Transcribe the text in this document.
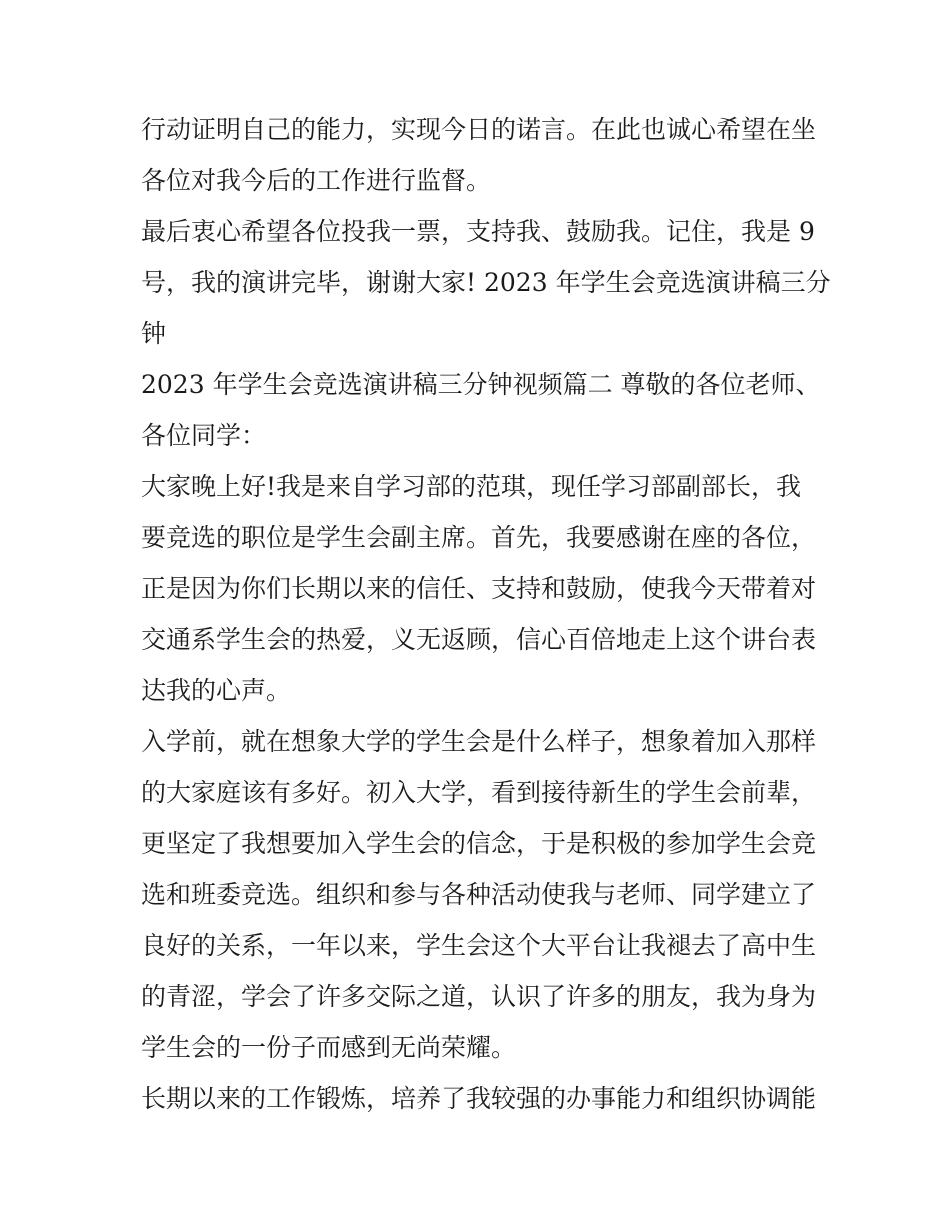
行动证明自己的能力，实现今日的诺言。在此也诚心希望在坐
各位对我今后的工作进行监督。
最后衷心希望各位投我一票，支持我、鼓励我。记住，我是 9
号，我的演讲完毕，谢谢大家! 2023 年学生会竞选演讲稿三分
钟
2023 年学生会竞选演讲稿三分钟视频篇二 尊敬的各位老师、
各位同学：
大家晚上好!我是来自学习部的范琪，现任学习部副部长，我
要竞选的职位是学生会副主席。首先，我要感谢在座的各位，
正是因为你们长期以来的信任、支持和鼓励，使我今天带着对
交通系学生会的热爱，义无返顾，信心百倍地走上这个讲台表
达我的心声。
入学前，就在想象大学的学生会是什么样子，想象着加入那样
的大家庭该有多好。初入大学，看到接待新生的学生会前辈，
更坚定了我想要加入学生会的信念，于是积极的参加学生会竞
选和班委竞选。组织和参与各种活动使我与老师、同学建立了
良好的关系，一年以来，学生会这个大平台让我褪去了高中生
的青涩，学会了许多交际之道，认识了许多的朋友，我为身为
学生会的一份子而感到无尚荣耀。
长期以来的工作锻炼，培养了我较强的办事能力和组织协调能
